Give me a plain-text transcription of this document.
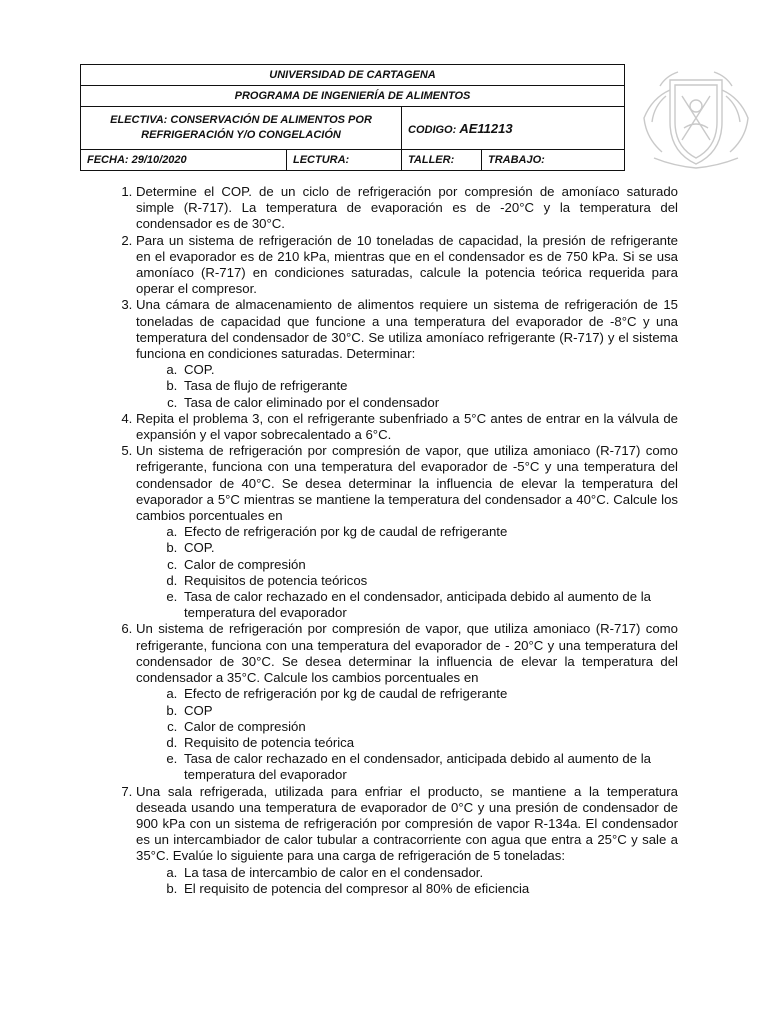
UNIVERSIDAD DE CARTAGENA			
PROGRAMA DE INGENIERÍA DE ALIMENTOS			
ELECTIVA: CONSERVACIÓN DE ALIMENTOS POR
REFRIGERACIÓN Y/O CONGELACIÓN		CODIGO: AE11213	
FECHA: 29/10/2020	LECTURA:	TALLER:	TRABAJO:
1. Determine el COP. de un ciclo de refrigeración por compresión de amoníaco saturado simple (R-717). La temperatura de evaporación es de -20°C y la temperatura del condensador es de 30°C.
2. Para un sistema de refrigeración de 10 toneladas de capacidad, la presión de refrigerante en el evaporador es de 210 kPa, mientras que en el condensador es de 750 kPa. Si se usa amoníaco (R-717) en condiciones saturadas, calcule la potencia teórica requerida para operar el compresor.
3. Una cámara de almacenamiento de alimentos requiere un sistema de refrigeración de 15 toneladas de capacidad que funcione a una temperatura del evaporador de -8°C y una temperatura del condensador de 30°C. Se utiliza amoníaco refrigerante (R-717) y el sistema funciona en condiciones saturadas. Determinar:
a. COP.
b. Tasa de flujo de refrigerante
c. Tasa de calor eliminado por el condensador
4. Repita el problema 3, con el refrigerante subenfriado a 5°C antes de entrar en la válvula de expansión y el vapor sobrecalentado a 6°C.
5. Un sistema de refrigeración por compresión de vapor, que utiliza amoniaco (R-717) como refrigerante, funciona con una temperatura del evaporador de -5°C y una temperatura del condensador de 40°C. Se desea determinar la influencia de elevar la temperatura del evaporador a 5°C mientras se mantiene la temperatura del condensador a 40°C. Calcule los cambios porcentuales en
a. Efecto de refrigeración por kg de caudal de refrigerante
b. COP.
c. Calor de compresión
d. Requisitos de potencia teóricos
e. Tasa de calor rechazado en el condensador, anticipada debido al aumento de la temperatura del evaporador
6. Un sistema de refrigeración por compresión de vapor, que utiliza amoniaco (R-717) como refrigerante, funciona con una temperatura del evaporador de - 20°C y una temperatura del condensador de 30°C. Se desea determinar la influencia de elevar la temperatura del condensador a 35°C. Calcule los cambios porcentuales en
a. Efecto de refrigeración por kg de caudal de refrigerante
b. COP
c. Calor de compresión
d. Requisito de potencia teórica
e. Tasa de calor rechazado en el condensador, anticipada debido al aumento de la temperatura del evaporador
7. Una sala refrigerada, utilizada para enfriar el producto, se mantiene a la temperatura deseada usando una temperatura de evaporador de 0°C y una presión de condensador de 900 kPa con un sistema de refrigeración por compresión de vapor R-134a. El condensador es un intercambiador de calor tubular a contracorriente con agua que entra a 25°C y sale a 35°C. Evalúe lo siguiente para una carga de refrigeración de 5 toneladas:
a. La tasa de intercambio de calor en el condensador.
b. El requisito de potencia del compresor al 80% de eficiencia
